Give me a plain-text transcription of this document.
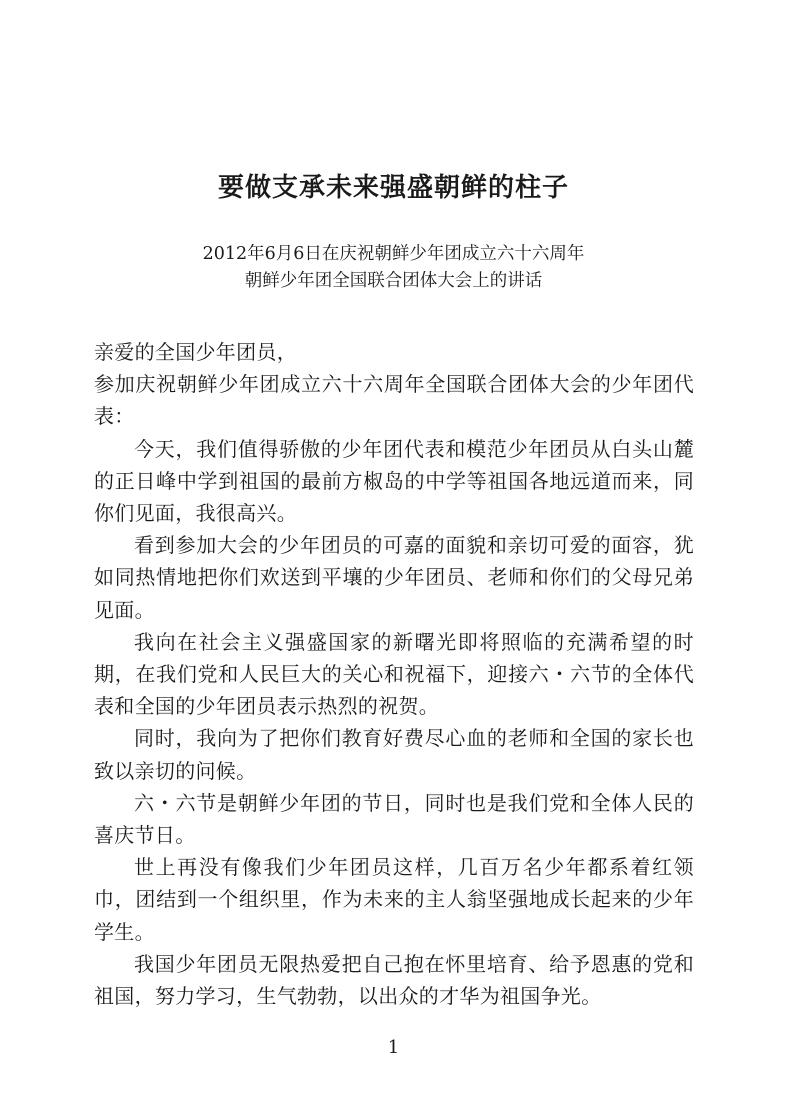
要做支承未来强盛朝鲜的柱子
2012年6月6日在庆祝朝鲜少年团成立六十六周年
朝鲜少年团全国联合团体大会上的讲话

亲爱的全国少年团员，

参加庆祝朝鲜少年团成立六十六周年全国联合团体大会的少年团代表：

今天，我们值得骄傲的少年团代表和模范少年团员从白头山麓的正日峰中学到祖国的最前方椒岛的中学等祖国各地远道而来，同你们见面，我很高兴。

看到参加大会的少年团员的可嘉的面貌和亲切可爱的面容，犹如同热情地把你们欢送到平壤的少年团员、老师和你们的父母兄弟见面。

我向在社会主义强盛国家的新曙光即将照临的充满希望的时期，在我们党和人民巨大的关心和祝福下，迎接六・六节的全体代表和全国的少年团员表示热烈的祝贺。

同时，我向为了把你们教育好费尽心血的老师和全国的家长也致以亲切的问候。

六・六节是朝鲜少年团的节日，同时也是我们党和全体人民的喜庆节日。

世上再没有像我们少年团员这样，几百万名少年都系着红领巾，团结到一个组织里，作为未来的主人翁坚强地成长起来的少年学生。

我国少年团员无限热爱把自己抱在怀里培育、给予恩惠的党和祖国，努力学习，生气勃勃，以出众的才华为祖国争光。

1
